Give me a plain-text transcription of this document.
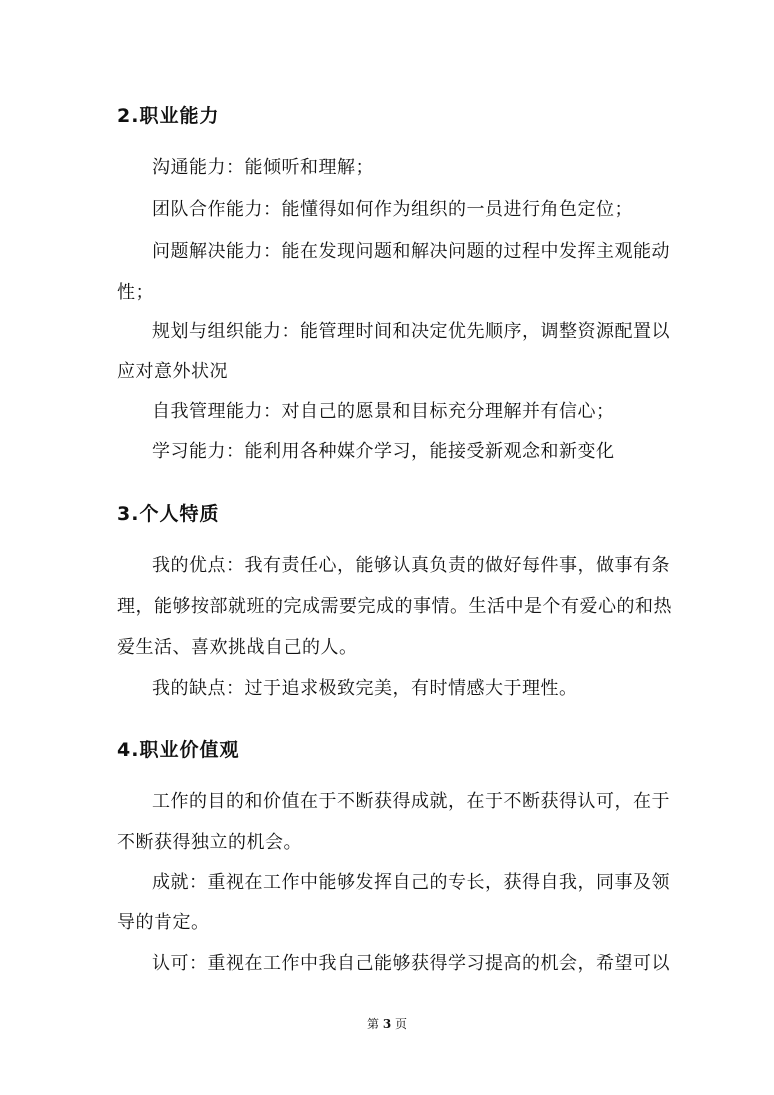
2.职业能力
沟通能力：能倾听和理解；
团队合作能力：能懂得如何作为组织的一员进行角色定位；
问题解决能力：能在发现问题和解决问题的过程中发挥主观能动
性；
规划与组织能力：能管理时间和决定优先顺序，调整资源配置以
应对意外状况
自我管理能力：对自己的愿景和目标充分理解并有信心；
学习能力：能利用各种媒介学习，能接受新观念和新变化
3.个人特质
我的优点：我有责任心，能够认真负责的做好每件事，做事有条
理，能够按部就班的完成需要完成的事情。生活中是个有爱心的和热
爱生活、喜欢挑战自己的人。
我的缺点：过于追求极致完美，有时情感大于理性。
4.职业价值观
工作的目的和价值在于不断获得成就，在于不断获得认可，在于
不断获得独立的机会。
成就：重视在工作中能够发挥自己的专长，获得自我，同事及领
导的肯定。
认可：重视在工作中我自己能够获得学习提高的机会，希望可以
第 3 页
